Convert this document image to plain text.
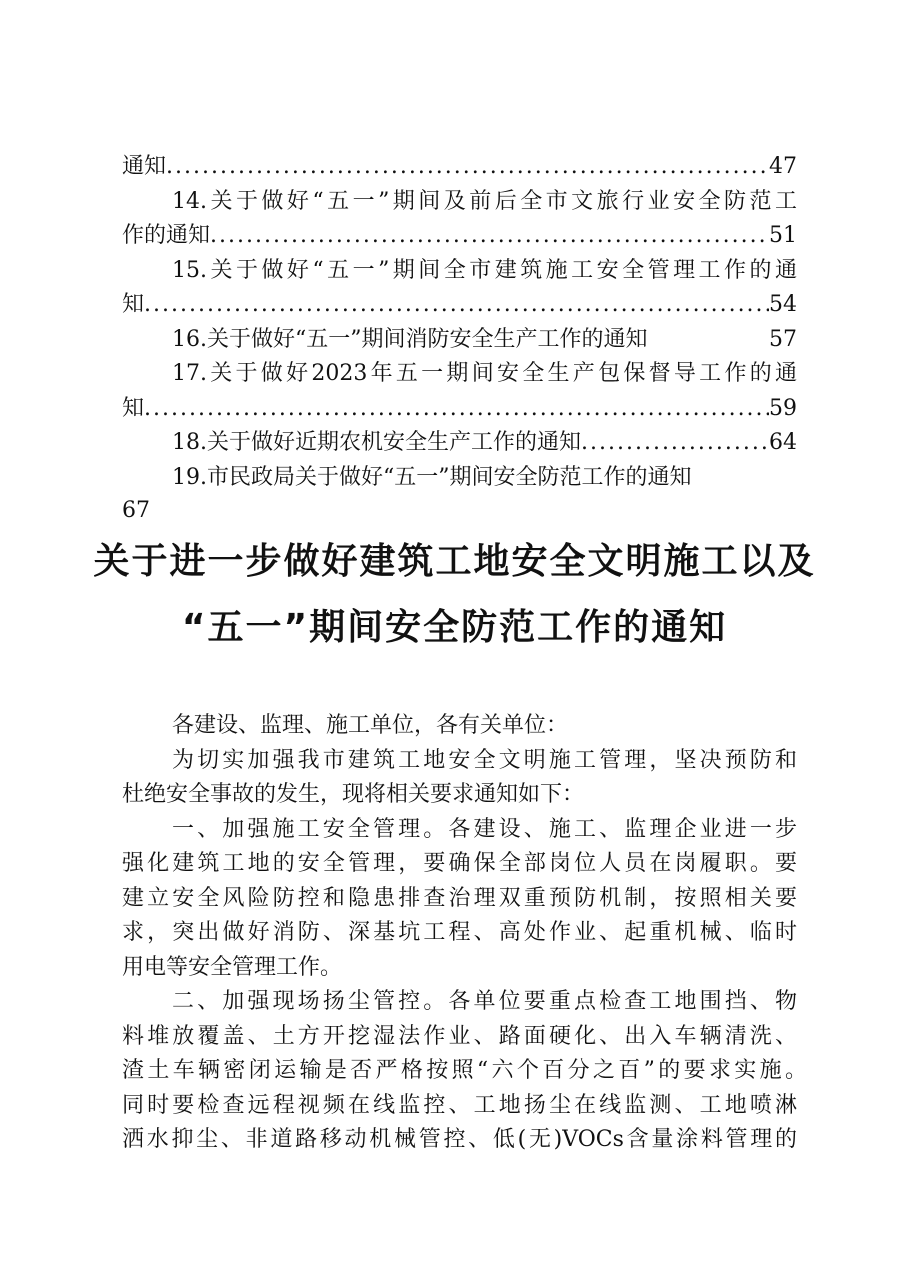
通知 .....	47
14.关于做好“五一”期间及前后全市文旅行业安全防范工
作的通知 .....	51
15.关于做好“五一”期间全市建筑施工安全管理工作的通
知 .....	54
16.关于做好“五一”期间消防安全生产工作的通知	57
17.关于做好2023年五一期间安全生产包保督导工作的通
知 .....	59
18.关于做好近期农机安全生产工作的通知 .....	64
19.市民政局关于做好“五一”期间安全防范工作的通知
67
关于进一步做好建筑工地安全文明施工以及
“五一”期间安全防范工作的通知
各建设、监理、施工单位，各有关单位：
为切实加强我市建筑工地安全文明施工管理，坚决预防和
杜绝安全事故的发生，现将相关要求通知如下：
一、加强施工安全管理。各建设、施工、监理企业进一步
强化建筑工地的安全管理，要确保全部岗位人员在岗履职。要
建立安全风险防控和隐患排查治理双重预防机制，按照相关要
求，突出做好消防、深基坑工程、高处作业、起重机械、临时
用电等安全管理工作。
二、加强现场扬尘管控。各单位要重点检查工地围挡、物
料堆放覆盖、土方开挖湿法作业、路面硬化、出入车辆清洗、
渣土车辆密闭运输是否严格按照“六个百分之百”的要求实施。
同时要检查远程视频在线监控、工地扬尘在线监测、工地喷淋
洒水抑尘、非道路移动机械管控、低(无)VOCs含量涂料管理的
